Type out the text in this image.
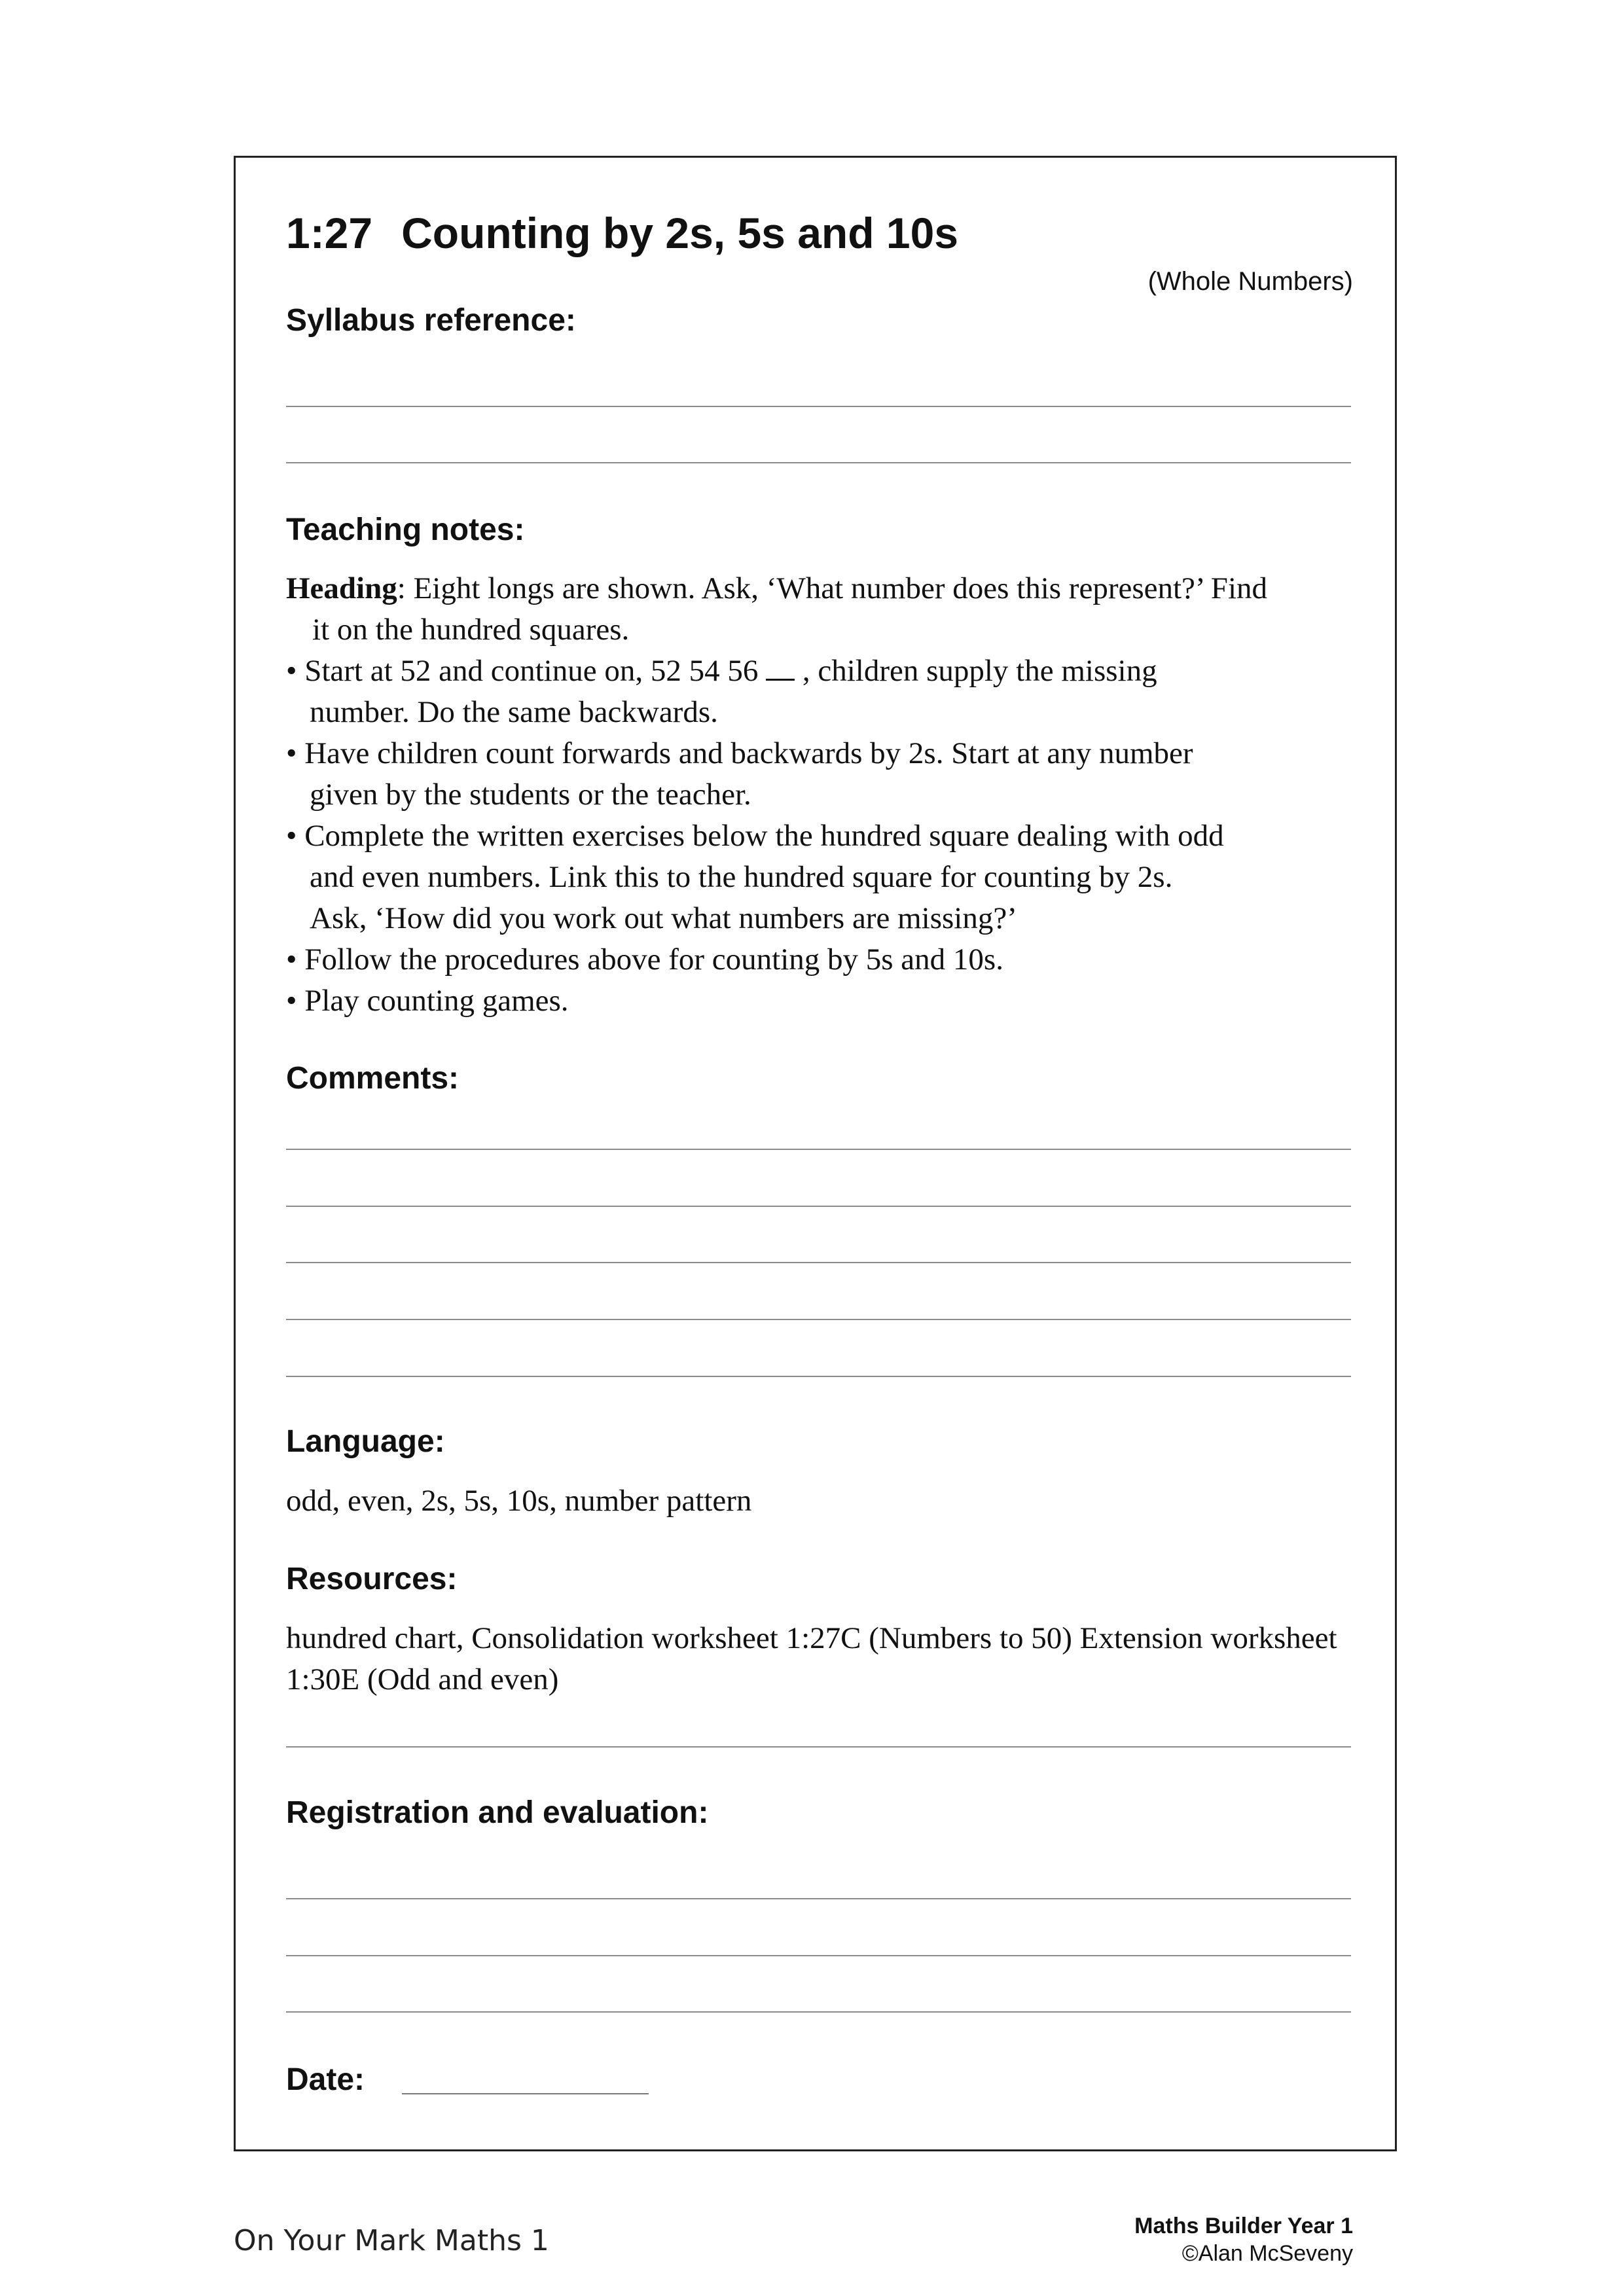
1:27 Counting by 2s, 5s and 10s
(Whole Numbers)
Syllabus reference:
Teaching notes:
Heading: Eight longs are shown. Ask, ‘What number does this represent?’ Find
it on the hundred squares.
• Start at 52 and continue on, 52 54 56  , children supply the missing
number. Do the same backwards.
• Have children count forwards and backwards by 2s. Start at any number
given by the students or the teacher.
• Complete the written exercises below the hundred square dealing with odd
and even numbers. Link this to the hundred square for counting by 2s.
Ask, ‘How did you work out what numbers are missing?’
• Follow the procedures above for counting by 5s and 10s.
• Play counting games.
Comments:
Language:
odd, even, 2s, 5s, 10s, number pattern
Resources:
hundred chart, Consolidation worksheet 1:27C (Numbers to 50) Extension worksheet 1:30E (Odd and even)
Registration and evaluation:
Date:
On Your Mark Maths 1	Maths Builder Year 1
©Alan McSeveny
